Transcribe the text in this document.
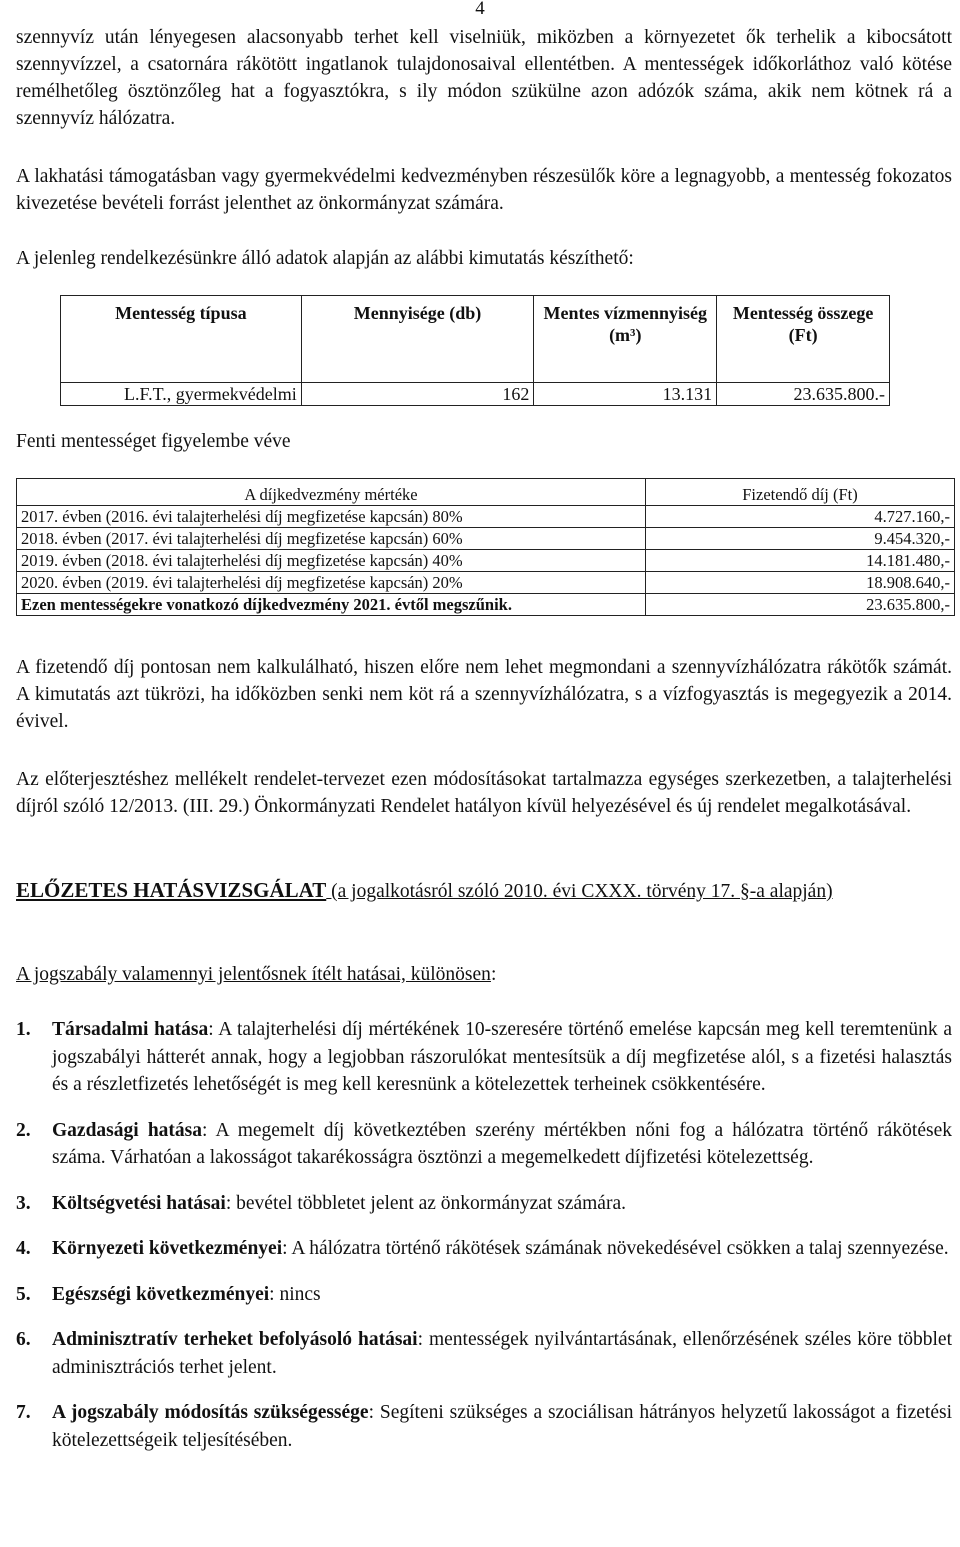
4

szennyvíz után lényegesen alacsonyabb terhet kell viselniük, miközben a környezetet ők terhelik a kibocsátott szennyvízzel, a csatornára rákötött ingatlanok tulajdonosaival ellentétben. A mentességek időkorláthoz való kötése remélhetőleg ösztönzőleg hat a fogyasztókra, s ily módon szükülne azon adózók száma, akik nem kötnek rá a szennyvíz hálózatra.

A lakhatási támogatásban vagy gyermekvédelmi kedvezményben részesülők köre a legnagyobb, a mentesség fokozatos kivezetése bevételi forrást jelenthet az önkormányzat számára.

A jelenleg rendelkezésünkre álló adatok alapján az alábbi kimutatás készíthető:

Mentesség típusa	Mennyisége (db)	Mentes vízmennyiség (m³)	Mentesség összege (Ft)
L.F.T., gyermekvédelmi	162	13.131	23.635.800.-

Fenti mentességet figyelembe véve

A díjkedvezmény mértéke	Fizetendő díj (Ft)
2017. évben (2016. évi talajterhelési díj megfizetése kapcsán) 80%	4.727.160,-
2018. évben (2017. évi talajterhelési díj megfizetése kapcsán) 60%	9.454.320,-
2019. évben (2018. évi talajterhelési díj megfizetése kapcsán) 40%	14.181.480,-
2020. évben (2019. évi talajterhelési díj megfizetése kapcsán) 20%	18.908.640,-
Ezen mentességekre vonatkozó díjkedvezmény 2021. évtől megszűnik.	23.635.800,-

A fizetendő díj pontosan nem kalkulálható, hiszen előre nem lehet megmondani a szennyvízhálózatra rákötők számát. A kimutatás azt tükrözi, ha időközben senki nem köt rá a szennyvízhálózatra, s a vízfogyasztás is megegyezik a 2014. évivel.

Az előterjesztéshez mellékelt rendelet-tervezet ezen módosításokat tartalmazza egységes szerkezetben, a talajterhelési díjról szóló 12/2013. (III. 29.) Önkormányzati Rendelet hatályon kívül helyezésével és új rendelet megalkotásával.

ELŐZETES HATÁSVIZSGÁLAT (a jogalkotásról szóló 2010. évi CXXX. törvény 17. §-a alapján)

A jogszabály valamennyi jelentősnek ítélt hatásai, különösen:

1. Társadalmi hatása: A talajterhelési díj mértékének 10-szeresére történő emelése kapcsán meg kell teremtenünk a jogszabályi hátterét annak, hogy a legjobban rászorulókat mentesítsük a díj megfizetése alól, s a fizetési halasztás és a részletfizetés lehetőségét is meg kell keresnünk a kötelezettek terheinek csökkentésére.
2. Gazdasági hatása: A megemelt díj következtében szerény mértékben nőni fog a hálózatra történő rákötések száma. Várhatóan a lakosságot takarékosságra ösztönzi a megemelkedett díjfizetési kötelezettség.
3. Költségvetési hatásai: bevétel többletet jelent az önkormányzat számára.
4. Környezeti következményei: A hálózatra történő rákötések számának növekedésével csökken a talaj szennyezése.
5. Egészségi következményei: nincs
6. Adminisztratív terheket befolyásoló hatásai: mentességek nyilvántartásának, ellenőrzésének széles köre többlet adminisztrációs terhet jelent.
7. A jogszabály módosítás szükségessége: Segíteni szükséges a szociálisan hátrányos helyzetű lakosságot a fizetési kötelezettségeik teljesítésében.
